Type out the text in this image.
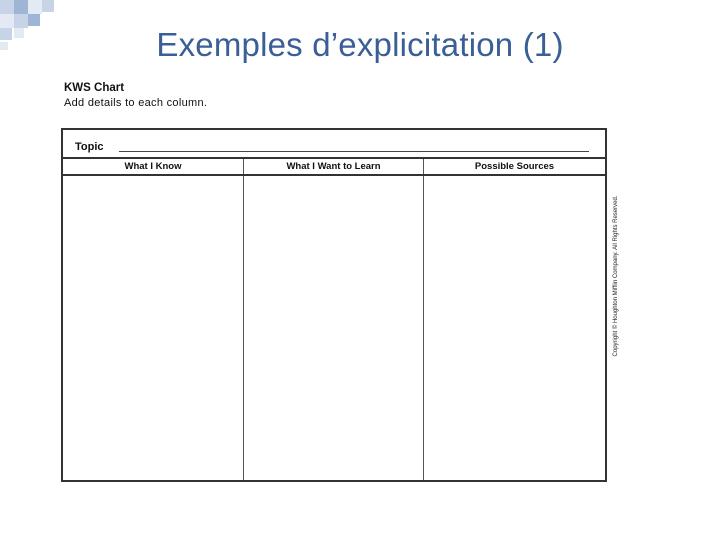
Exemples d’explicitation (1)
KWS Chart
Add details to each column.
Topic
What I Know	What I Want to Learn	Possible Sources
Copyright © Houghton Mifflin Company. All Rights Reserved.
